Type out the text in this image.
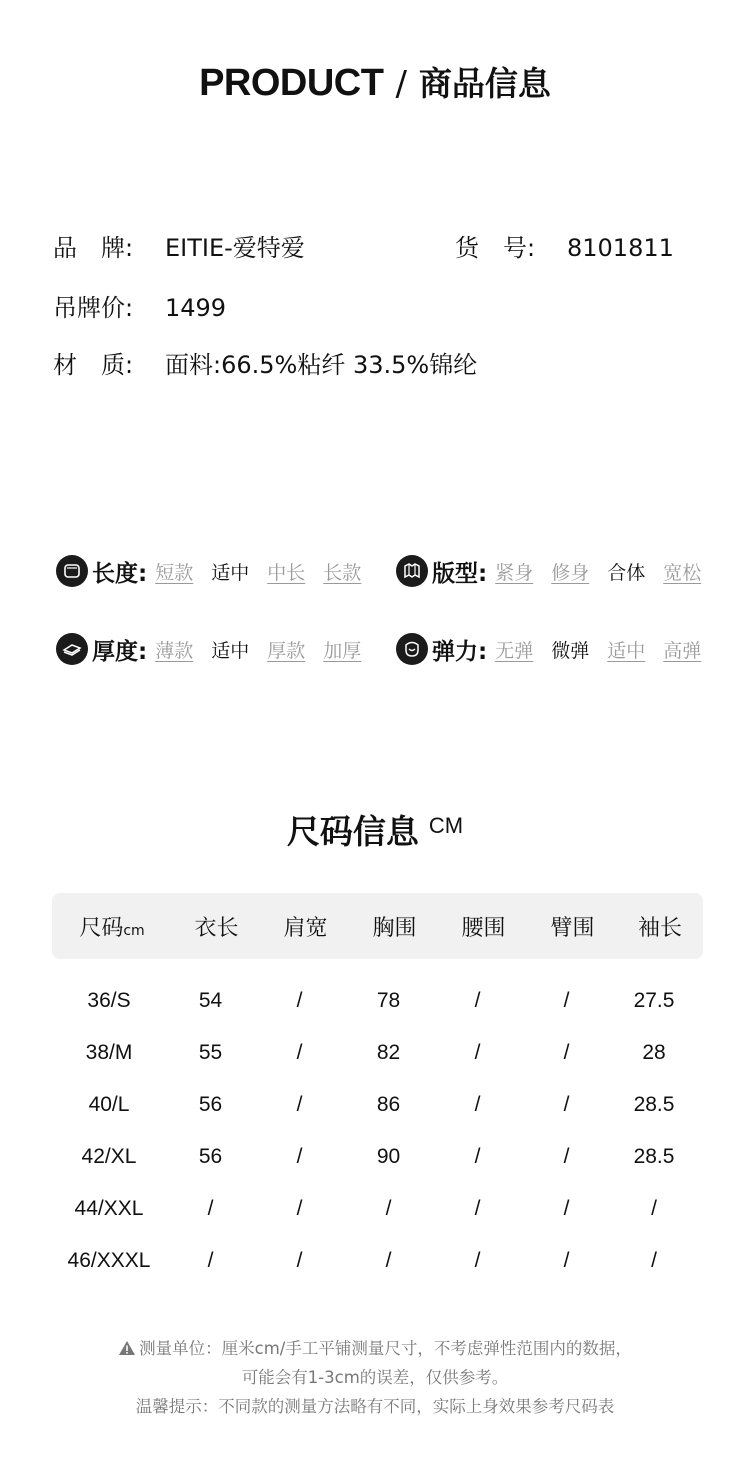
PRODUCT / 商品信息
品　牌:	EITIE-爱特爱	货　号:	8101811
吊牌价:	1499
材　质:	面料:66.5%粘纤 33.5%锦纶
长度: 短款 适中 中长 长款	版型: 紧身 修身 合体 宽松
厚度: 薄款 适中 厚款 加厚	弹力: 无弹 微弹 适中 高弹
尺码信息 CM
尺码cm	衣长	肩宽	胸围	腰围	臂围	袖长
36/S	54	/	78	/	/	27.5
38/M	55	/	82	/	/	28
40/L	56	/	86	/	/	28.5
42/XL	56	/	90	/	/	28.5
44/XXL	/	/	/	/	/	/
46/XXXL	/	/	/	/	/	/
测量单位：厘米cm/手工平铺测量尺寸，不考虑弹性范围内的数据，
可能会有1-3cm的误差，仅供参考。
温馨提示：不同款的测量方法略有不同，实际上身效果参考尺码表
